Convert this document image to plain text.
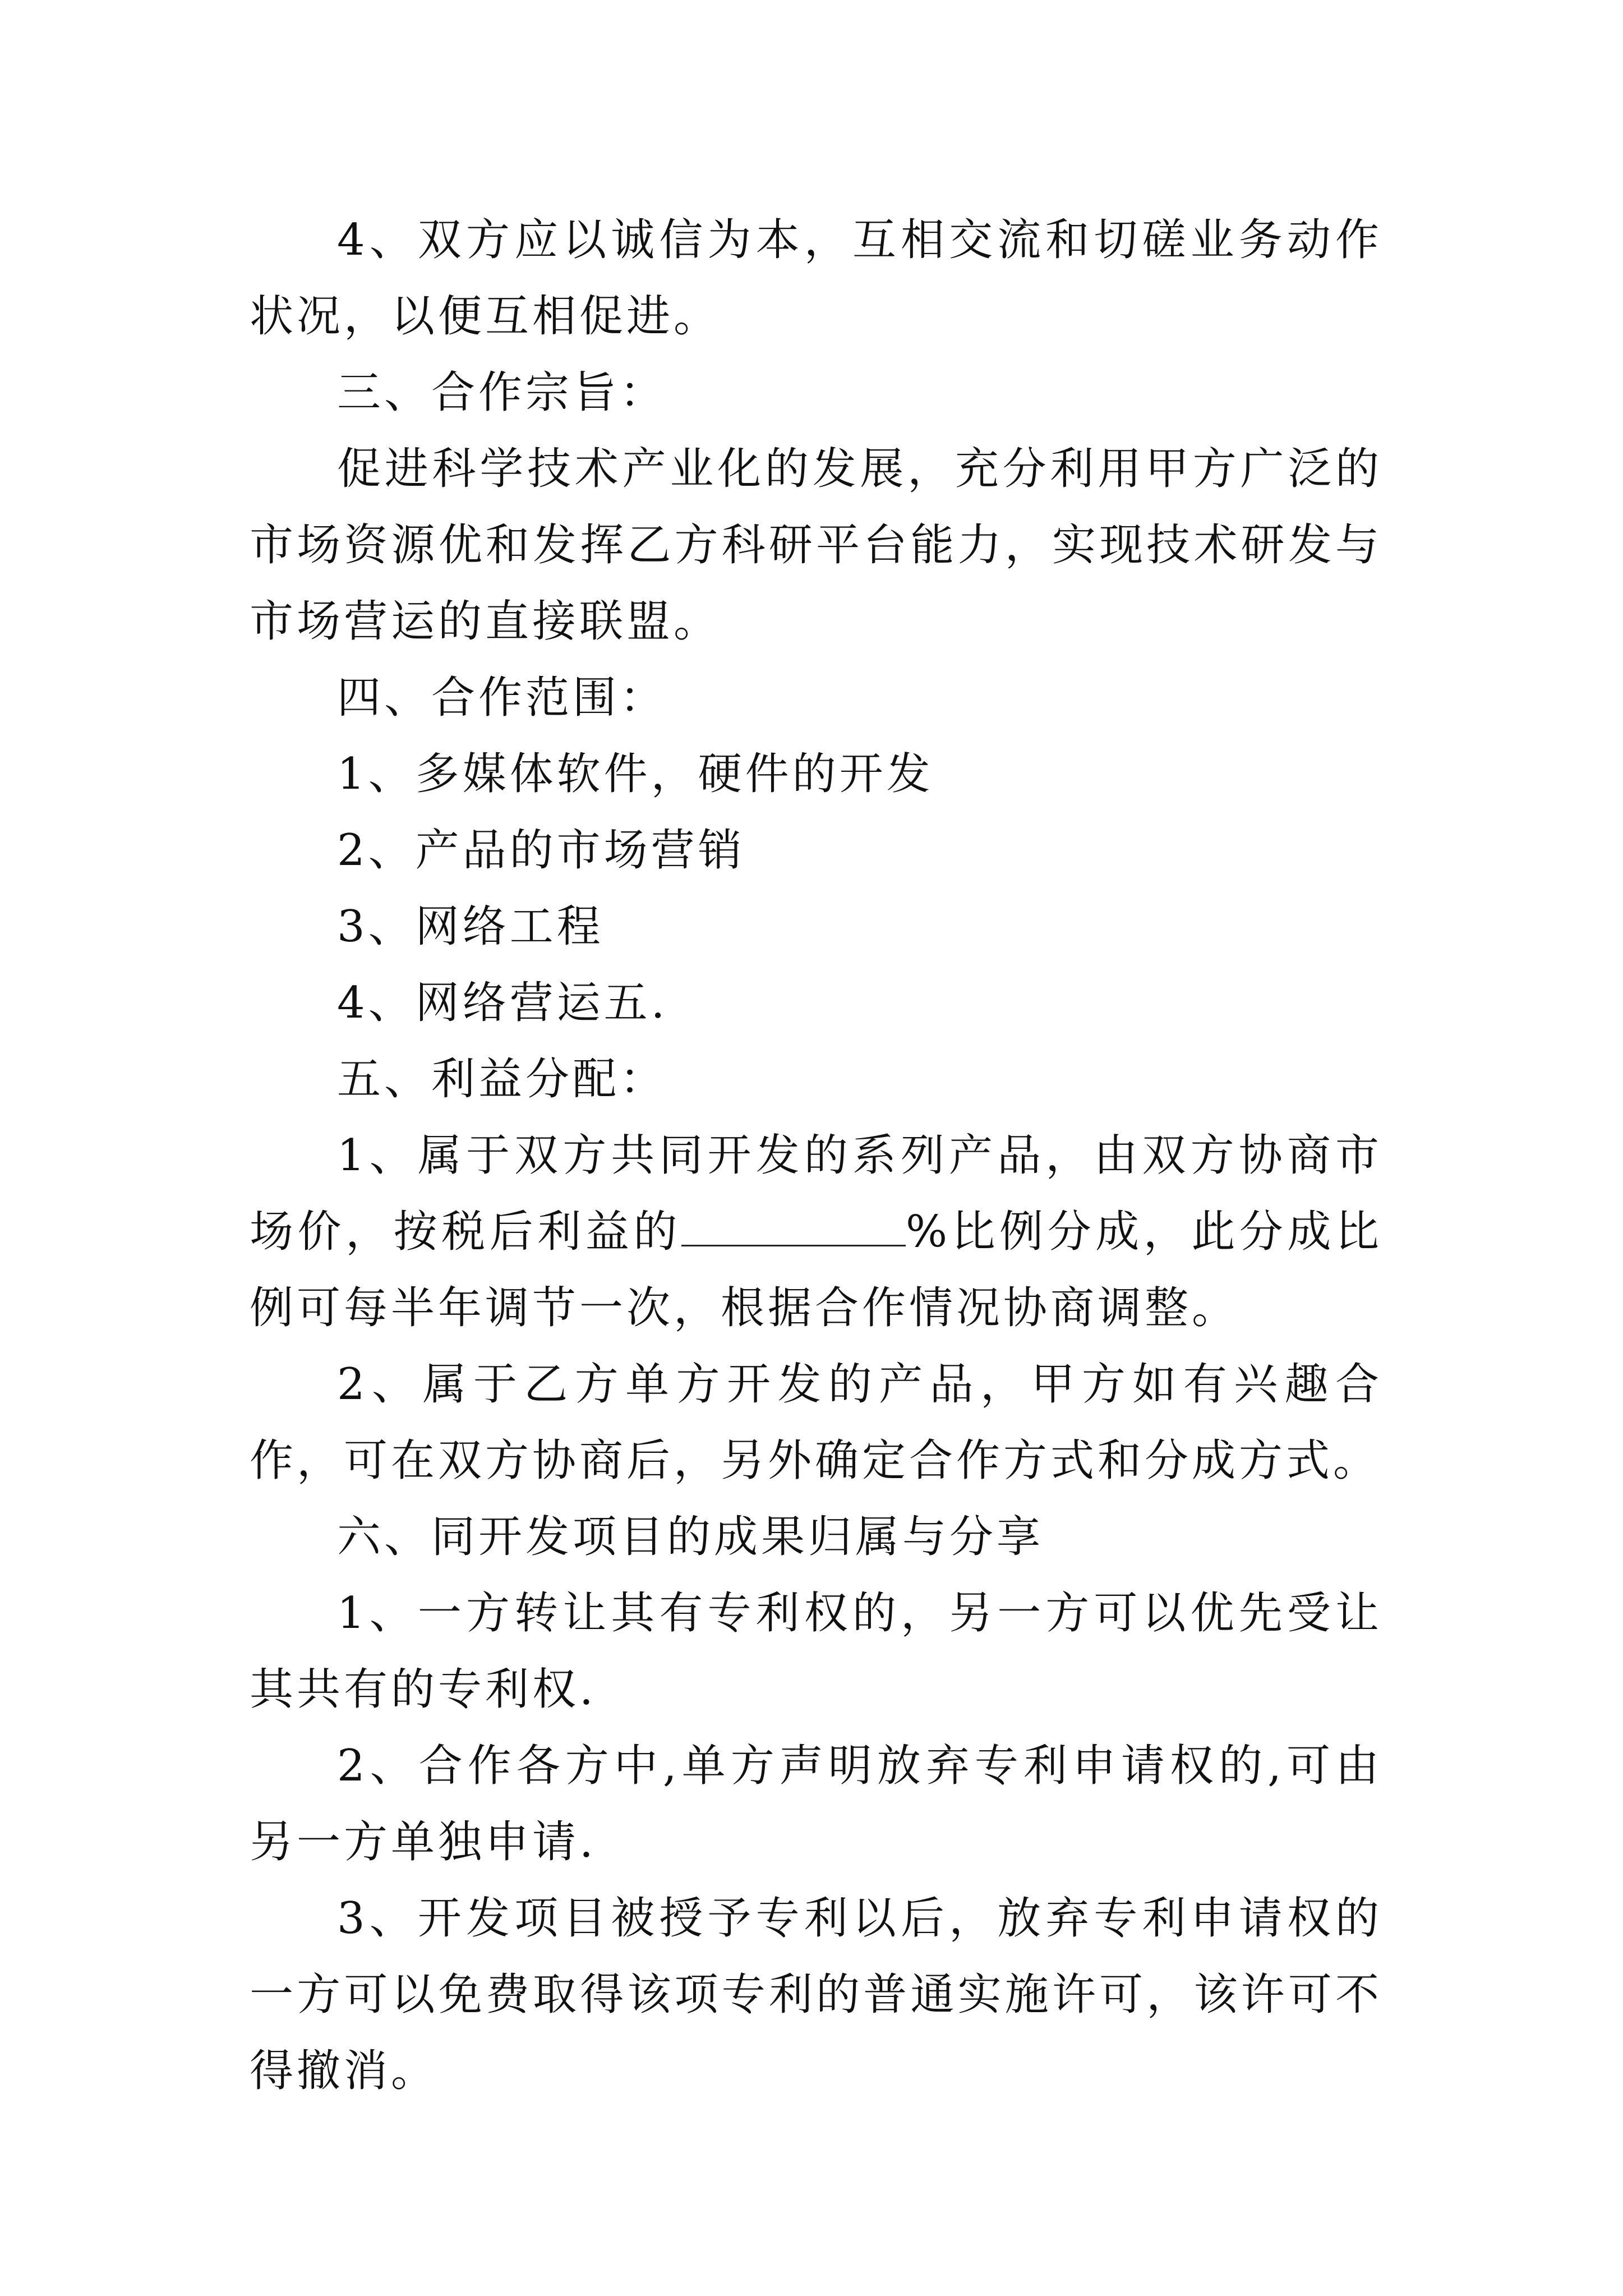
4、双方应以诚信为本，互相交流和切磋业务动作状况，以便互相促进。

三、合作宗旨：

促进科学技术产业化的发展，充分利用甲方广泛的市场资源优和发挥乙方科研平台能力，实现技术研发与市场营运的直接联盟。

四、合作范围：

1、多媒体软件，硬件的开发

2、产品的市场营销

3、网络工程

4、网络营运五.

五、利益分配：

1、属于双方共同开发的系列产品，由双方协商市场价，按税后利益的	%比例分成，此分成比例可每半年调节一次，根据合作情况协商调整。

2、属于乙方单方开发的产品，甲方如有兴趣合作，可在双方协商后，另外确定合作方式和分成方式。

六、同开发项目的成果归属与分享

1、一方转让其有专利权的，另一方可以优先受让其共有的专利权.

2、合作各方中,单方声明放弃专利申请权的,可由另一方单独申请.

3、开发项目被授予专利以后，放弃专利申请权的一方可以免费取得该项专利的普通实施许可，该许可不得撤消。
